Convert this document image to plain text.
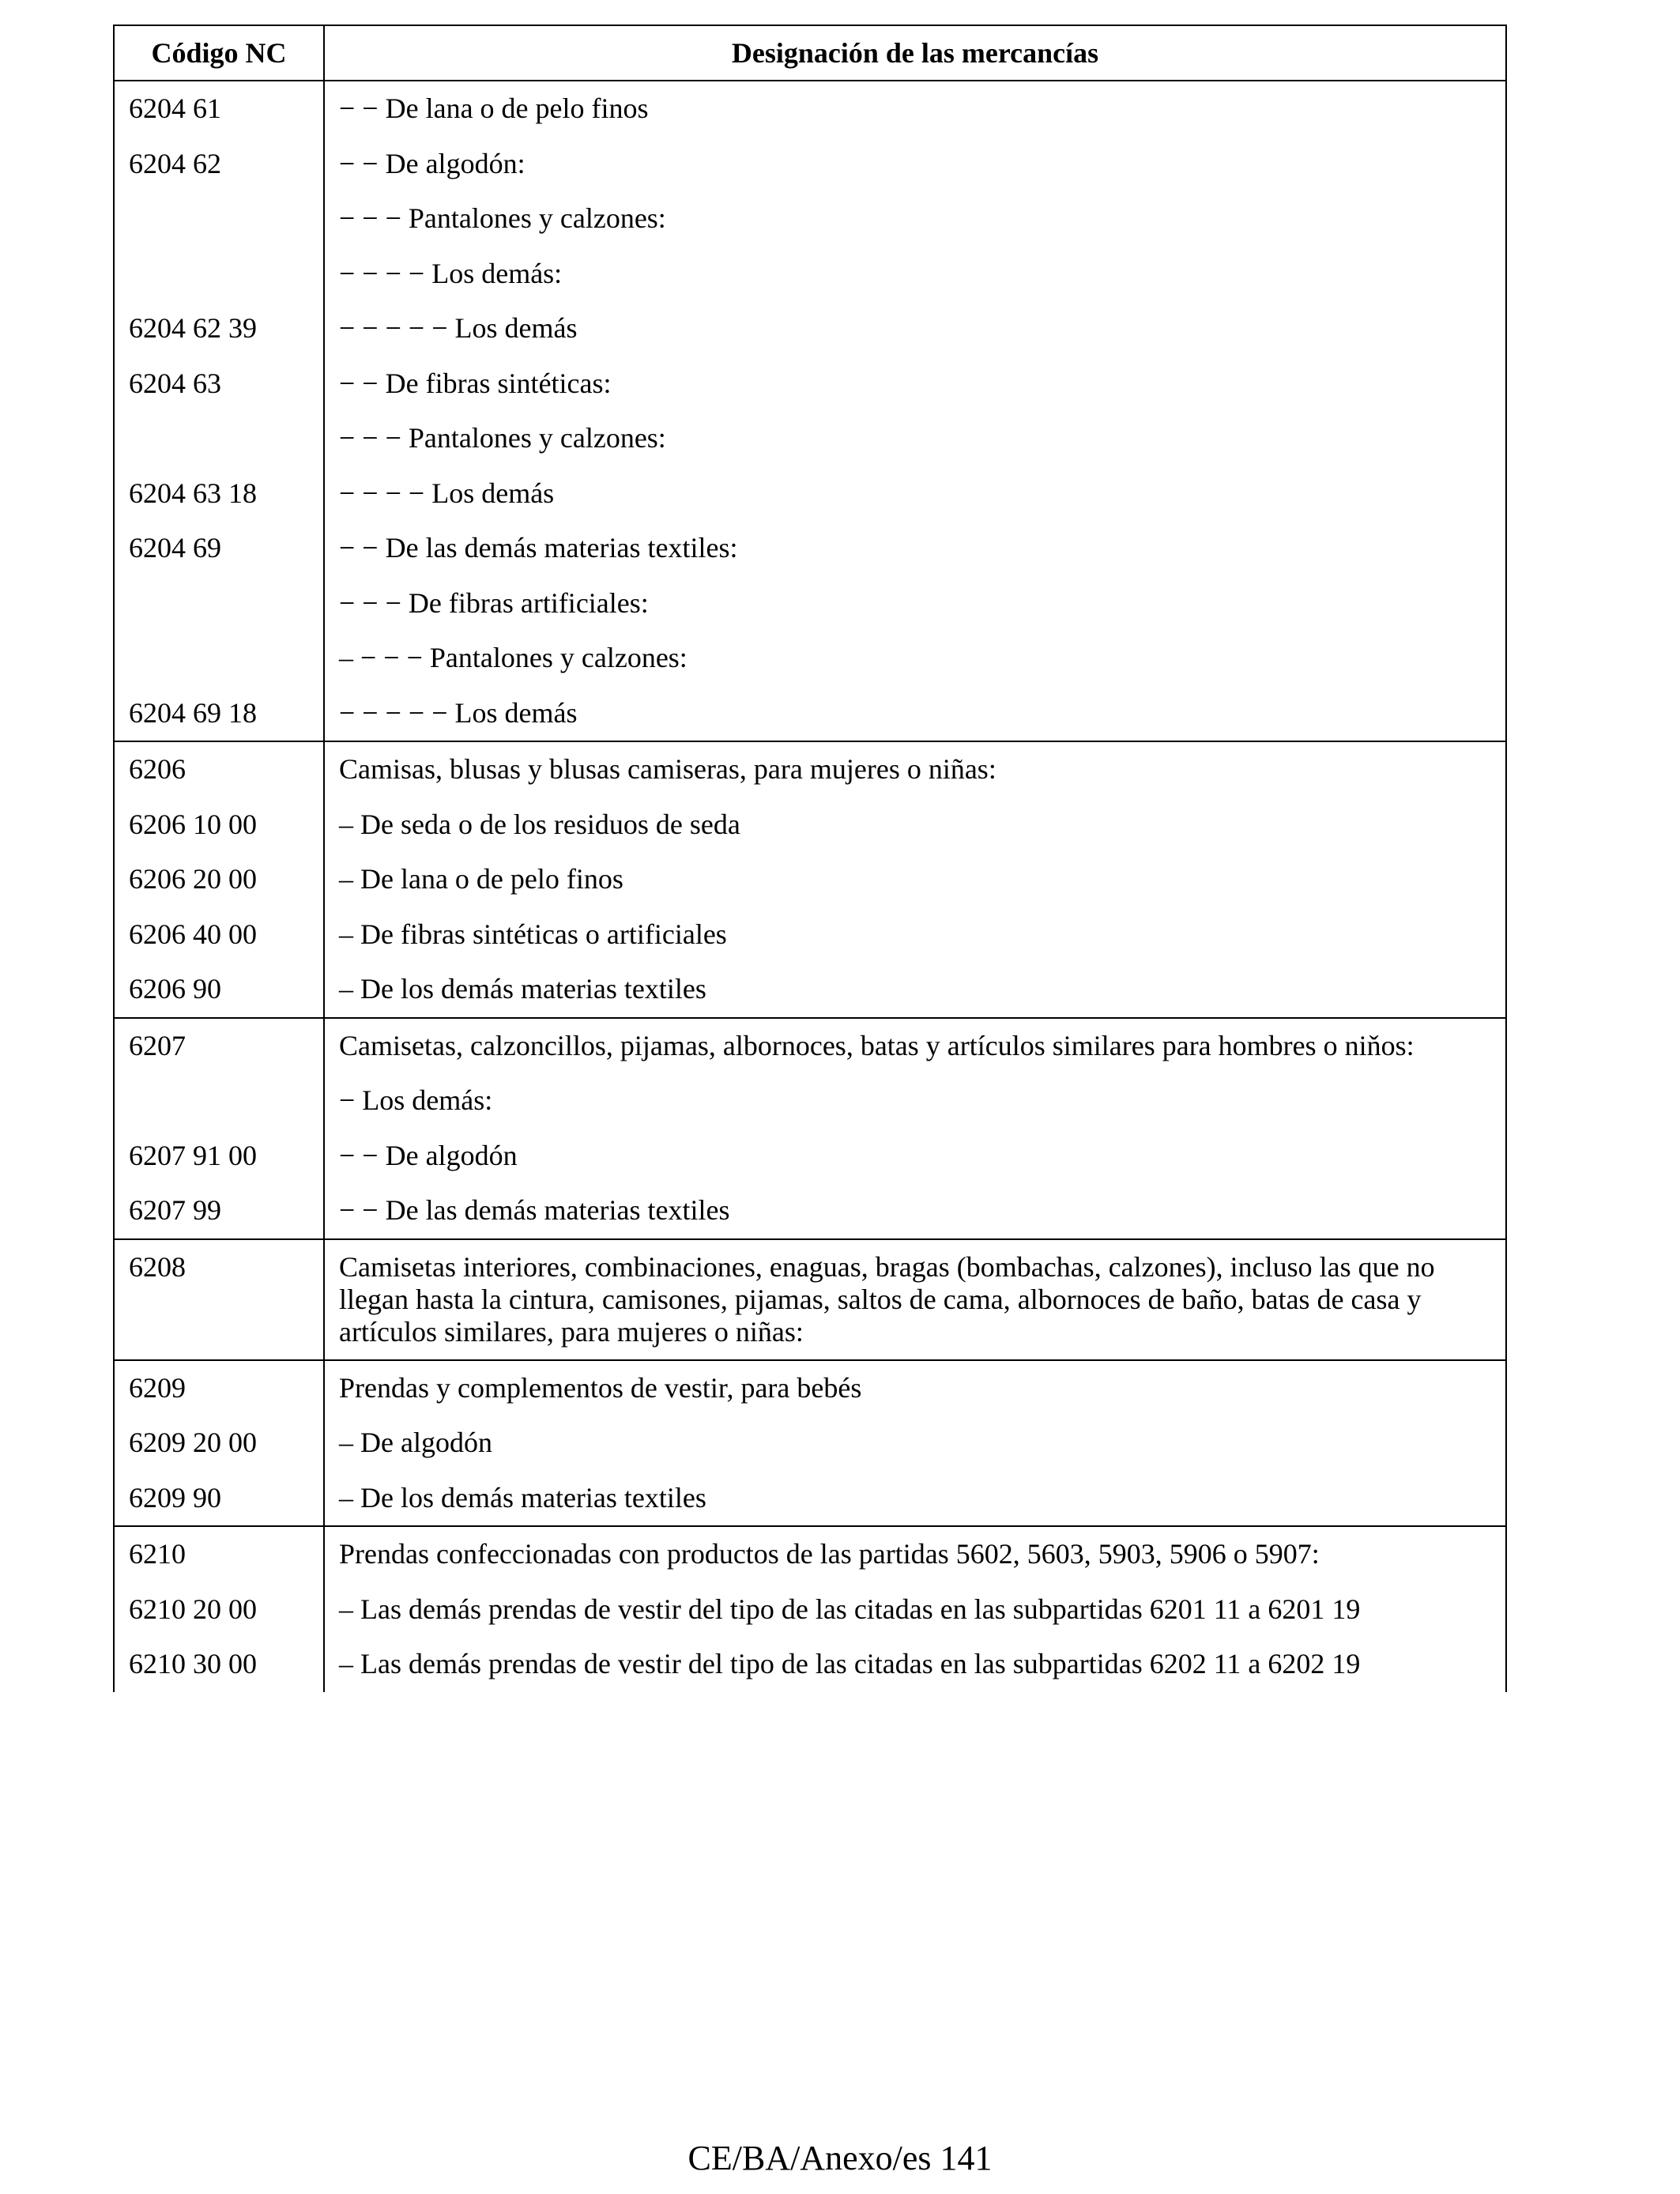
Código NC	Designación de las mercancías
6204 61	− − De lana o de pelo finos
6204 62	− − De algodón:
	− − − Pantalones y calzones:
	− − − − Los demás:
6204 62 39	− − − − − Los demás
6204 63	− − De fibras sintéticas:
	− − − Pantalones y calzones:
6204 63 18	− − − − Los demás
6204 69	− − De las demás materias textiles:
	− − − De fibras artificiales:
	– − − − Pantalones y calzones:
6204 69 18	− − − − − Los demás
6206	Camisas, blusas y blusas camiseras, para mujeres o niñas:
6206 10 00	– De seda o de los residuos de seda
6206 20 00	– De lana o de pelo finos
6206 40 00	– De fibras sintéticas o artificiales
6206 90	– De los demás materias textiles
6207	Camisetas, calzoncillos, pijamas, albornoces, batas y artículos similares para hombres o niňos:
	− Los demás:
6207 91 00	− − De algodón
6207 99	− − De las demás materias textiles
6208	Camisetas interiores, combinaciones, enaguas, bragas (bombachas, calzones), incluso las que no llegan hasta la cintura, camisones, pijamas, saltos de cama, albornoces de baño, batas de casa y artículos similares, para mujeres o niñas:
6209	Prendas y complementos de vestir, para bebés
6209 20 00	– De algodón
6209 90	– De los demás materias textiles
6210	Prendas confeccionadas con productos de las partidas 5602, 5603, 5903, 5906 o 5907:
6210 20 00	– Las demás prendas de vestir del tipo de las citadas en las subpartidas 6201 11 a 6201 19
6210 30 00	– Las demás prendas de vestir del tipo de las citadas en las subpartidas 6202 11 a 6202 19
CE/BA/Anexo/es 141
